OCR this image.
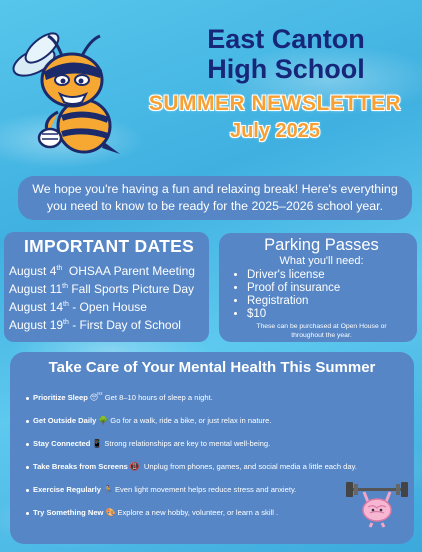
East Canton
High School
SUMMER NEWSLETTER
July 2025
We hope you're having a fun and relaxing break! Here's everything
you need to know to be ready for the 2025–2026 school year.
IMPORTANT DATES
August 4th  OHSAA Parent Meeting
August 11th Fall Sports Picture Day
August 14th - Open House
August 19th - First Day of School
Parking Passes
What you'll need:
• Driver's license
• Proof of insurance
• Registration
• $10
These can be purchased at Open House or
throughout the year.
Take Care of Your Mental Health This Summer
Prioritize Sleep 😴 Get 8–10 hours of sleep a night.
Get Outside Daily 🌳 Go for a walk, ride a bike, or just relax in nature.
Stay Connected 📱 Strong relationships are key to mental well-being.
Take Breaks from Screens 📵 Unplug from phones, games, and social media a little each day.
Exercise Regularly 🏃 Even light movement helps reduce stress and anxiety.
Try Something New 🎨 Explore a new hobby, volunteer, or learn a skill .
